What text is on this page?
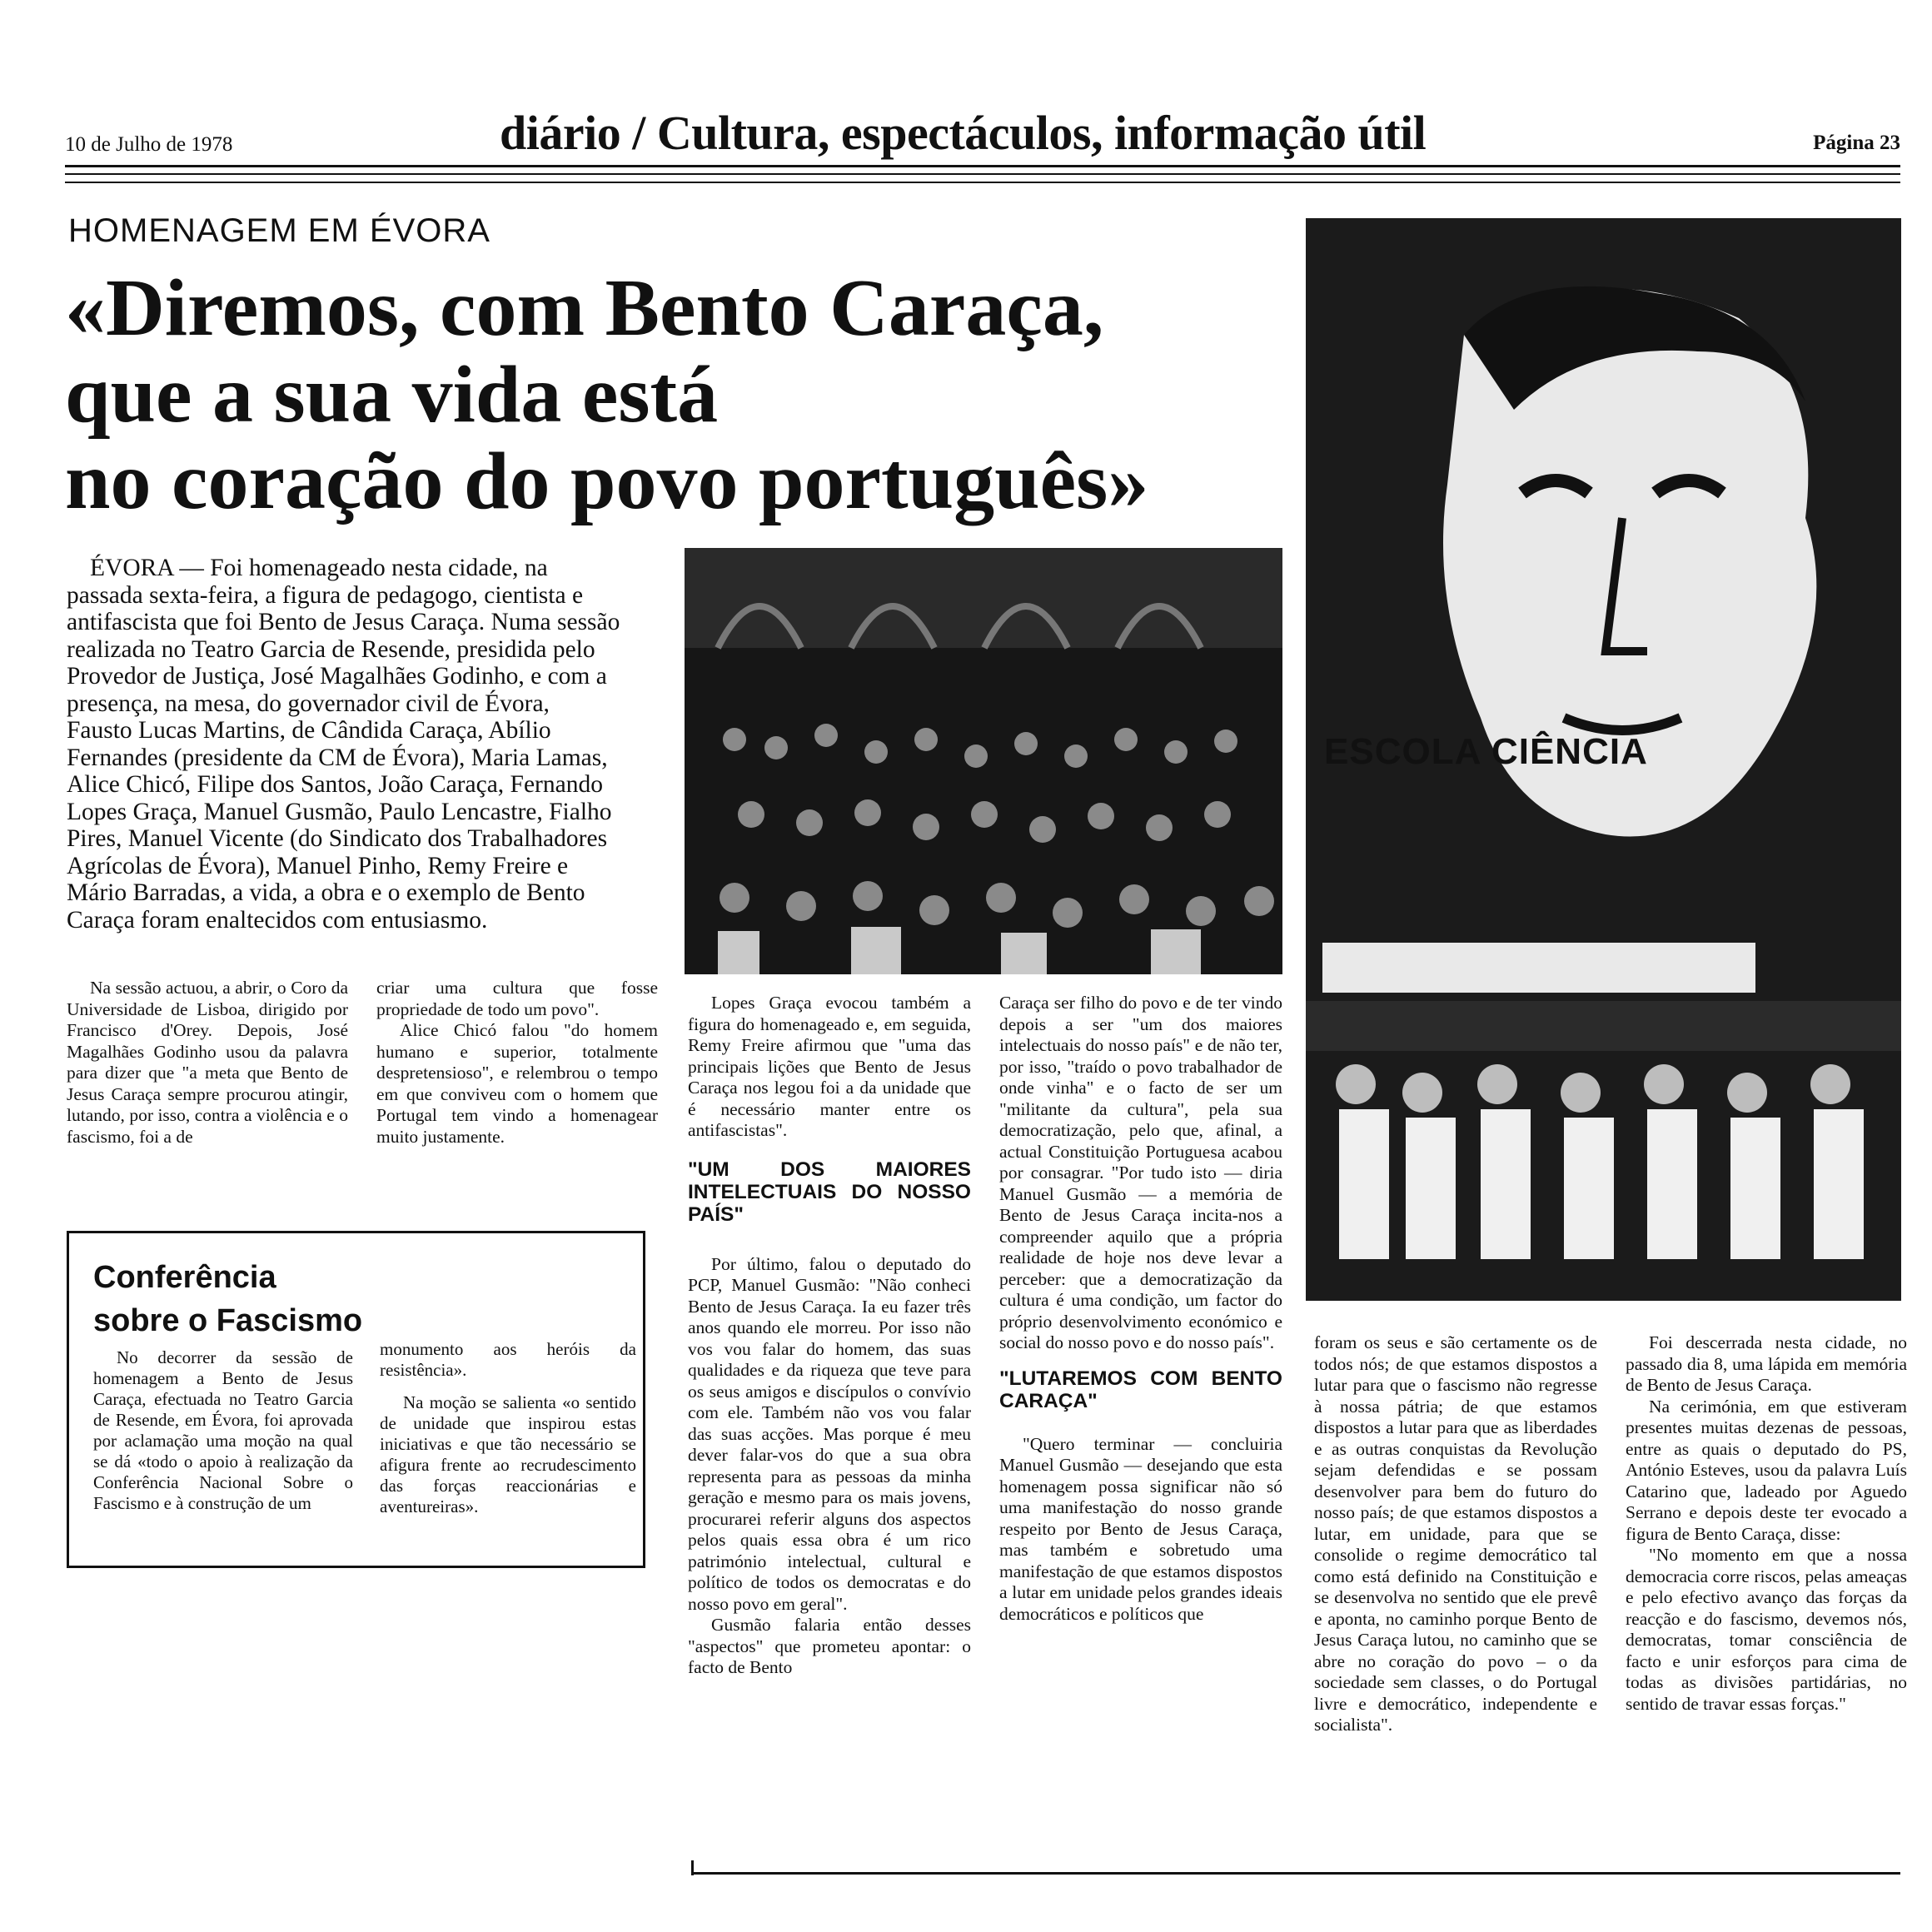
10 de Julho de 1978	diário / Cultura, espectáculos, informação útil	Página 23
HOMENAGEM EM ÉVORA
«Diremos, com Bento Caraça,
que a sua vida está
no coração do povo português»

ÉVORA — Foi homenageado nesta cidade, na passada sexta-feira, a figura de pedagogo, cientista e antifascista que foi Bento de Jesus Caraça. Numa sessão realizada no Teatro Garcia de Resende, presidida pelo Provedor de Justiça, José Magalhães Godinho, e com a presença, na mesa, do governador civil de Évora, Fausto Lucas Martins, de Cândida Caraça, Abílio Fernandes (presidente da CM de Évora), Maria Lamas, Alice Chicó, Filipe dos Santos, João Caraça, Fernando Lopes Graça, Manuel Gusmão, Paulo Lencastre, Fialho Pires, Manuel Vicente (do Sindicato dos Trabalhadores Agrícolas de Évora), Manuel Pinho, Remy Freire e Mário Barradas, a vida, a obra e o exemplo de Bento Caraça foram enaltecidos com entusiasmo.

ESCOLA CIÊNCIA

Na sessão actuou, a abrir, o Coro da Universidade de Lisboa, dirigido por Francisco d'Orey. Depois, José Magalhães Godinho usou da palavra para dizer que "a meta que Bento de Jesus Caraça sempre procurou atingir, lutando, por isso, contra a violência e o fascismo, foi a de

criar uma cultura que fosse propriedade de todo um povo".

Alice Chicó falou "do homem humano e superior, totalmente despretensioso", e relembrou o tempo em que conviveu com o homem que Portugal tem vindo a homenagear muito justamente.

Lopes Graça evocou também a figura do homenageado e, em seguida, Remy Freire afirmou que "uma das principais lições que Bento de Jesus Caraça nos legou foi a da unidade que é necessário manter entre os antifascistas".

"UM DOS MAIORES INTELECTUAIS DO NOSSO PAÍS"

Por último, falou o deputado do PCP, Manuel Gusmão: "Não conheci Bento de Jesus Caraça. Ia eu fazer três anos quando ele morreu. Por isso não vos vou falar do homem, das suas qualidades e da riqueza que teve para os seus amigos e discípulos o convívio com ele. Também não vos vou falar das suas acções. Mas porque é meu dever falar-vos do que a sua obra representa para as pessoas da minha geração e mesmo para os mais jovens, procurarei referir alguns dos aspectos pelos quais essa obra é um rico património intelectual, cultural e político de todos os democratas e do nosso povo em geral".

Gusmão falaria então desses "aspectos" que prometeu apontar: o facto de Bento

Caraça ser filho do povo e de ter vindo depois a ser "um dos maiores intelectuais do nosso país" e de não ter, por isso, "traído o povo trabalhador de onde vinha" e o facto de ser um "militante da cultura", pela sua democratização, pelo que, afinal, a actual Constituição Portuguesa acabou por consagrar. "Por tudo isto — diria Manuel Gusmão — a memória de Bento de Jesus Caraça incita-nos a compreender aquilo que a própria realidade de hoje nos deve levar a perceber: que a democratização da cultura é uma condição, um factor do próprio desenvolvimento económico e social do nosso povo e do nosso país".

"LUTAREMOS COM BENTO CARAÇA"

"Quero terminar — concluiria Manuel Gusmão — desejando que esta homenagem possa significar não só uma manifestação do nosso grande respeito por Bento de Jesus Caraça, mas também e sobretudo uma manifestação de que estamos dispostos a lutar em unidade pelos grandes ideais democráticos e políticos que

foram os seus e são certamente os de todos nós; de que estamos dispostos a lutar para que o fascismo não regresse à nossa pátria; de que estamos dispostos a lutar para que as liberdades e as outras conquistas da Revolução sejam defendidas e se possam desenvolver para bem do futuro do nosso país; de que estamos dispostos a lutar, em unidade, para que se consolide o regime democrático tal como está definido na Constituição e se desenvolva no sentido que ele prevê e aponta, no caminho porque Bento de Jesus Caraça lutou, no caminho que se abre no coração do povo – o da sociedade sem classes, o do Portugal livre e democrático, independente e socialista".

Foi descerrada nesta cidade, no passado dia 8, uma lápida em memória de Bento de Jesus Caraça.

Na cerimónia, em que estiveram presentes muitas dezenas de pessoas, entre as quais o deputado do PS, António Esteves, usou da palavra Luís Catarino que, ladeado por Aguedo Serrano e depois deste ter evocado a figura de Bento Caraça, disse:

"No momento em que a nossa democracia corre riscos, pelas ameaças e pelo efectivo avanço das forças da reacção e do fascismo, devemos nós, democratas, tomar consciência de facto e unir esforços para cima de todas as divisões partidárias, no sentido de travar essas forças."

Conferência
sobre o Fascismo

No decorrer da sessão de homenagem a Bento de Jesus Caraça, efectuada no Teatro Garcia de Resende, em Évora, foi aprovada por aclamação uma moção na qual se dá «todo o apoio à realização da Conferência Nacional Sobre o Fascismo e à construção de um

monumento aos heróis da resistência».

Na moção se salienta «o sentido de unidade que inspirou estas iniciativas e que tão necessário se afigura frente ao recrudescimento das forças reaccionárias e aventureiras».
